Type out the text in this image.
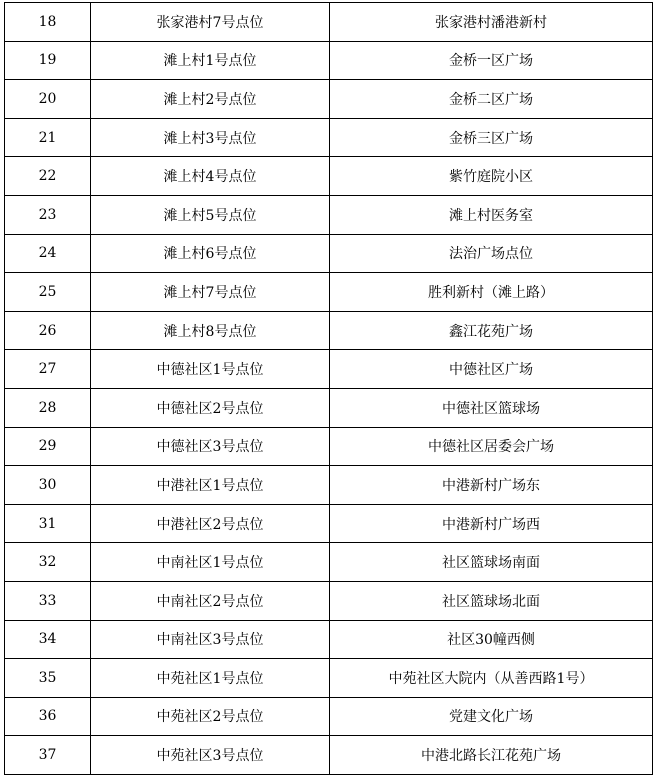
18	张家港村7号点位	张家港村潘港新村
19	滩上村1号点位	金桥一区广场
20	滩上村2号点位	金桥二区广场
21	滩上村3号点位	金桥三区广场
22	滩上村4号点位	紫竹庭院小区
23	滩上村5号点位	滩上村医务室
24	滩上村6号点位	法治广场点位
25	滩上村7号点位	胜利新村（滩上路）
26	滩上村8号点位	鑫江花苑广场
27	中德社区1号点位	中德社区广场
28	中德社区2号点位	中德社区篮球场
29	中德社区3号点位	中德社区居委会广场
30	中港社区1号点位	中港新村广场东
31	中港社区2号点位	中港新村广场西
32	中南社区1号点位	社区篮球场南面
33	中南社区2号点位	社区篮球场北面
34	中南社区3号点位	社区30幢西侧
35	中苑社区1号点位	中苑社区大院内（从善西路1号）
36	中苑社区2号点位	党建文化广场
37	中苑社区3号点位	中港北路长江花苑广场
